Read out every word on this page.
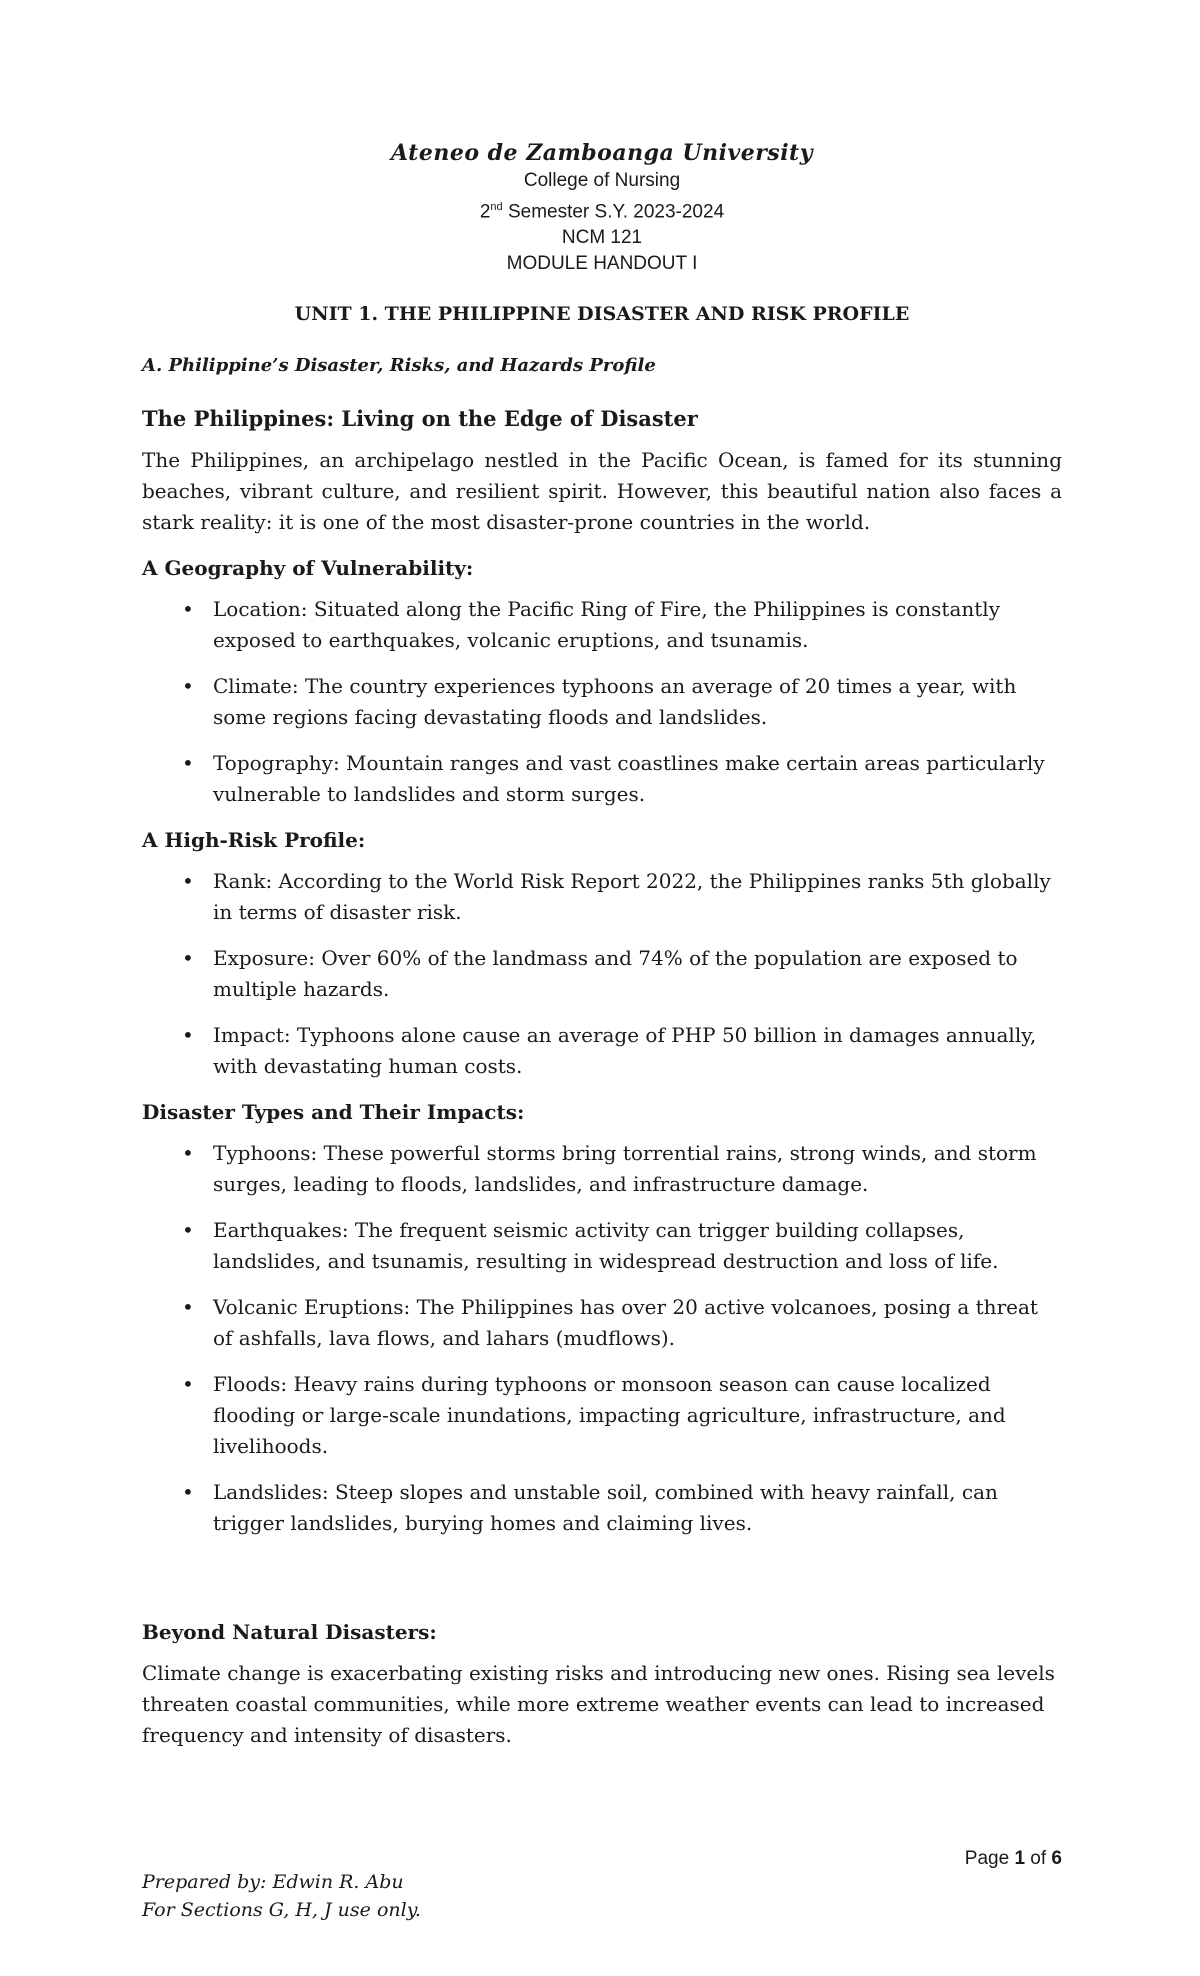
Ateneo de Zamboanga University
College of Nursing
2nd Semester S.Y. 2023-2024
NCM 121
MODULE HANDOUT I
UNIT 1. THE PHILIPPINE DISASTER AND RISK PROFILE
A. Philippine’s Disaster, Risks, and Hazards Profile
The Philippines: Living on the Edge of Disaster

The Philippines, an archipelago nestled in the Pacific Ocean, is famed for its stunning beaches, vibrant culture, and resilient spirit. However, this beautiful nation also faces a stark reality: it is one of the most disaster-prone countries in the world.

A Geography of Vulnerability:
• Location: Situated along the Pacific Ring of Fire, the Philippines is constantly exposed to earthquakes, volcanic eruptions, and tsunamis.
• Climate: The country experiences typhoons an average of 20 times a year, with some regions facing devastating floods and landslides.
• Topography: Mountain ranges and vast coastlines make certain areas particularly vulnerable to landslides and storm surges.
A High-Risk Profile:
• Rank: According to the World Risk Report 2022, the Philippines ranks 5th globally in terms of disaster risk.
• Exposure: Over 60% of the landmass and 74% of the population are exposed to multiple hazards.
• Impact: Typhoons alone cause an average of PHP 50 billion in damages annually, with devastating human costs.
Disaster Types and Their Impacts:
• Typhoons: These powerful storms bring torrential rains, strong winds, and storm surges, leading to floods, landslides, and infrastructure damage.
• Earthquakes: The frequent seismic activity can trigger building collapses, landslides, and tsunamis, resulting in widespread destruction and loss of life.
• Volcanic Eruptions: The Philippines has over 20 active volcanoes, posing a threat of ashfalls, lava flows, and lahars (mudflows).
• Floods: Heavy rains during typhoons or monsoon season can cause localized flooding or large-scale inundations, impacting agriculture, infrastructure, and livelihoods.
• Landslides: Steep slopes and unstable soil, combined with heavy rainfall, can trigger landslides, burying homes and claiming lives.
Beyond Natural Disasters:

Climate change is exacerbating existing risks and introducing new ones. Rising sea levels threaten coastal communities, while more extreme weather events can lead to increased frequency and intensity of disasters.

Page 1 of 6
Prepared by: Edwin R. Abu
For Sections G, H, J use only.
